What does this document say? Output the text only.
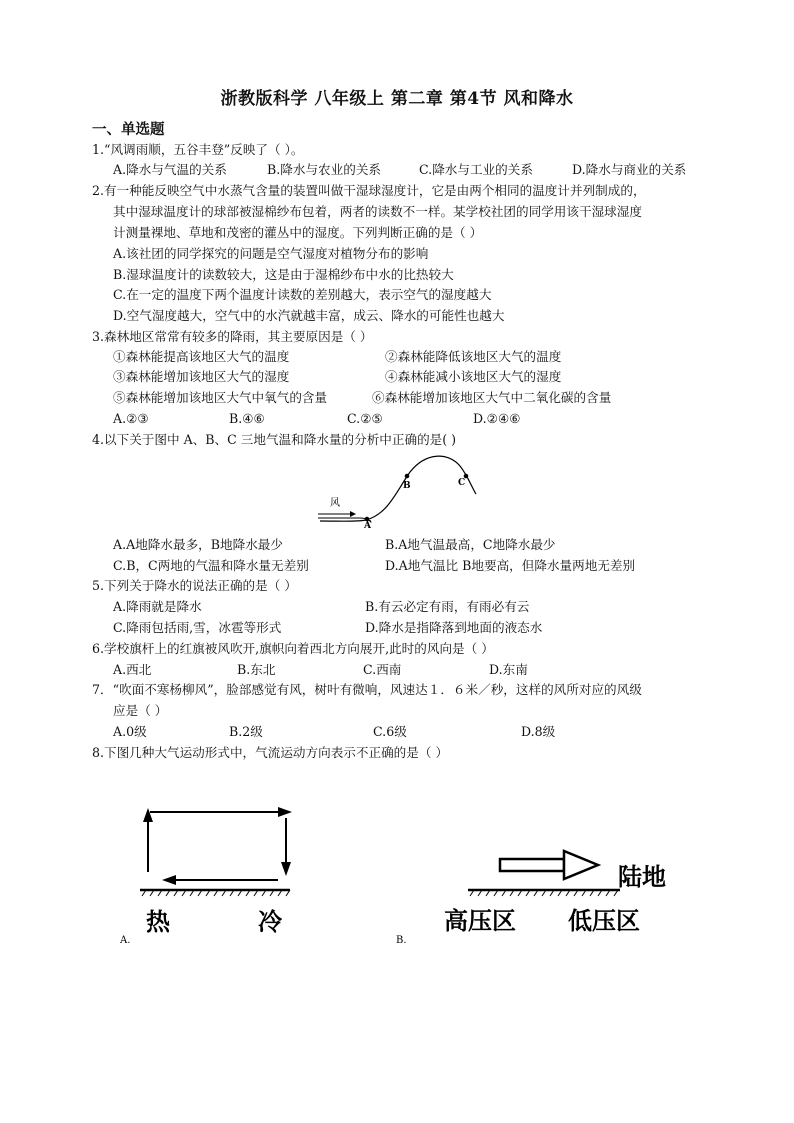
浙教版科学 八年级上 第二章 第4节 风和降水
一、单选题
1.“风调雨顺，五谷丰登”反映了（ ）。
A.降水与气温的关系	B.降水与农业的关系	C.降水与工业的关系	D.降水与商业的关系
2.有一种能反映空气中水蒸气含量的装置叫做干湿球湿度计，它是由两个相同的温度计并列制成的，
其中湿球温度计的球部被湿棉纱布包着，两者的读数不一样。某学校社团的同学用该干湿球湿度
计测量裸地、草地和茂密的灌丛中的湿度。下列判断正确的是（ ）
A.该社团的同学探究的问题是空气湿度对植物分布的影响
B.湿球温度计的读数较大，这是由于湿棉纱布中水的比热较大
C.在一定的温度下两个温度计读数的差别越大，表示空气的湿度越大
D.空气湿度越大，空气中的水汽就越丰富，成云、降水的可能性也越大
3.森林地区常常有较多的降雨，其主要原因是（ ）
①森林能提高该地区大气的温度	②森林能降低该地区大气的温度
③森林能增加该地区大气的湿度	④森林能减小该地区大气的湿度
⑤森林能增加该地区大气中氧气的含量	⑥森林能增加该地区大气中二氧化碳的含量
A.②③	B.④⑥	C.②⑤	D.②④⑥
4.以下关于图中 A、B、C 三地气温和降水量的分析中正确的是( )
风
A
B	C
A.A地降水最多，B地降水最少	B.A地气温最高，C地降水最少
C.B，C两地的气温和降水量无差别	D.A地气温比 B地要高，但降水量两地无差别
5.下列关于降水的说法正确的是（ ）
A.降雨就是降水	B.有云必定有雨，有雨必有云
C.降雨包括雨,雪，冰雹等形式	D.降水是指降落到地面的液态水
6.学校旗杆上的红旗被风吹开,旗帜向着西北方向展开,此时的风向是（ ）
A.西北	B.东北	C.西南	D.东南
7．“吹面不寒杨柳风”，脸部感觉有风，树叶有微响，风速达１．６米／秒，这样的风所对应的风级
应是（ ）
A.0级	B.2级	C.6级	D.8级
8.下图几种大气运动形式中，气流运动方向表示不正确的是（ ）
热	冷
A.
陆地
高压区 低压区
B.
